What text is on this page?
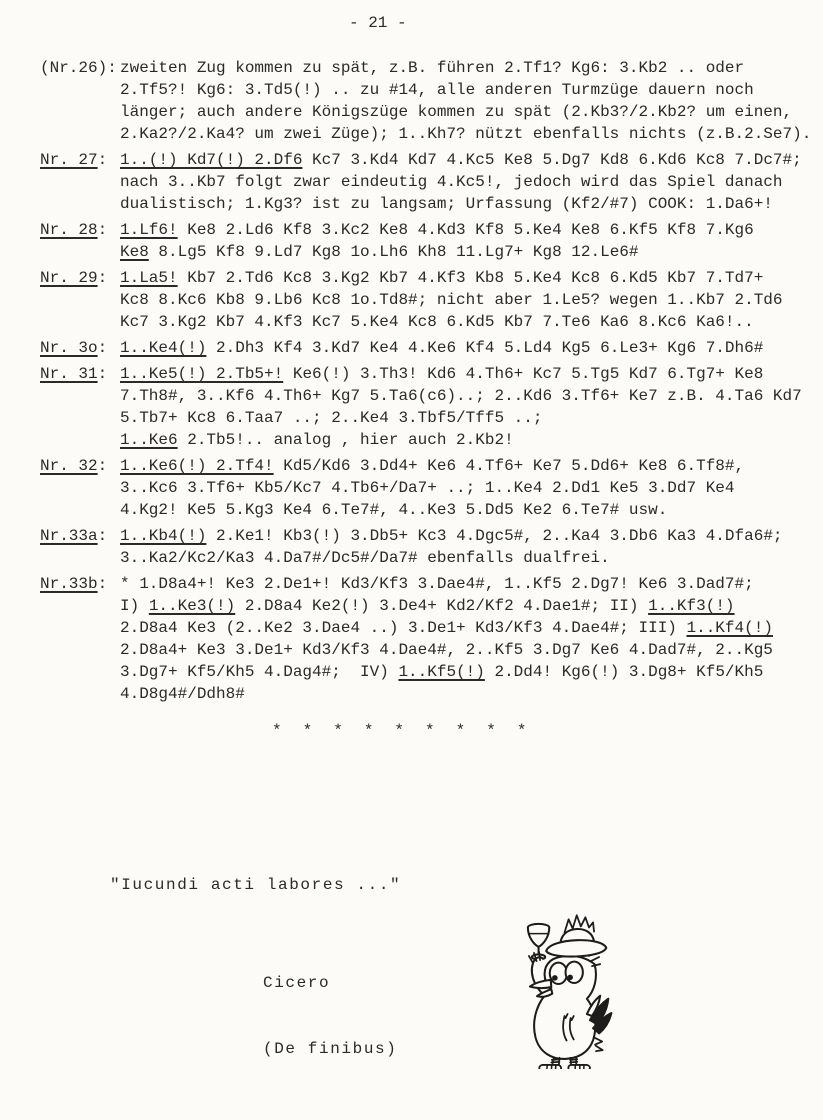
- 21 -
(Nr.26): zweiten Zug kommen zu spät, z.B. führen 2.Tf1? Kg6: 3.Kb2 .. oder
2.Tf5?! Kg6: 3.Td5(!) .. zu #14, alle anderen Turmzüge dauern noch
länger; auch andere Königszüge kommen zu spät (2.Kb3?/2.Kb2? um einen,
2.Ka2?/2.Ka4? um zwei Züge); 1..Kh7? nützt ebenfalls nichts (z.B.2.Se7).
Nr. 27: 1..(!) Kd7(!) 2.Df6 Kc7 3.Kd4 Kd7 4.Kc5 Ke8 5.Dg7 Kd8 6.Kd6 Kc8 7.Dc7#;
nach 3..Kb7 folgt zwar eindeutig 4.Kc5!, jedoch wird das Spiel danach
dualistisch; 1.Kg3? ist zu langsam; Urfassung (Kf2/#7) COOK: 1.Da6+!
Nr. 28: 1.Lf6! Ke8 2.Ld6 Kf8 3.Kc2 Ke8 4.Kd3 Kf8 5.Ke4 Ke8 6.Kf5 Kf8 7.Kg6
Ke8 8.Lg5 Kf8 9.Ld7 Kg8 1o.Lh6 Kh8 11.Lg7+ Kg8 12.Le6#
Nr. 29: 1.La5! Kb7 2.Td6 Kc8 3.Kg2 Kb7 4.Kf3 Kb8 5.Ke4 Kc8 6.Kd5 Kb7 7.Td7+
Kc8 8.Kc6 Kb8 9.Lb6 Kc8 1o.Td8#; nicht aber 1.Le5? wegen 1..Kb7 2.Td6
Kc7 3.Kg2 Kb7 4.Kf3 Kc7 5.Ke4 Kc8 6.Kd5 Kb7 7.Te6 Ka6 8.Kc6 Ka6!..
Nr. 3o: 1..Ke4(!) 2.Dh3 Kf4 3.Kd7 Ke4 4.Ke6 Kf4 5.Ld4 Kg5 6.Le3+ Kg6 7.Dh6#
Nr. 31: 1..Ke5(!) 2.Tb5+! Ke6(!) 3.Th3! Kd6 4.Th6+ Kc7 5.Tg5 Kd7 6.Tg7+ Ke8
7.Th8#, 3..Kf6 4.Th6+ Kg7 5.Ta6(c6)..; 2..Kd6 3.Tf6+ Ke7 z.B. 4.Ta6 Kd7
5.Tb7+ Kc8 6.Taa7 ..; 2..Ke4 3.Tbf5/Tff5 ..;
1..Ke6 2.Tb5!.. analog , hier auch 2.Kb2!
Nr. 32: 1..Ke6(!) 2.Tf4! Kd5/Kd6 3.Dd4+ Ke6 4.Tf6+ Ke7 5.Dd6+ Ke8 6.Tf8#,
3..Kc6 3.Tf6+ Kb5/Kc7 4.Tb6+/Da7+ ..; 1..Ke4 2.Dd1 Ke5 3.Dd7 Ke4
4.Kg2! Ke5 5.Kg3 Ke4 6.Te7#, 4..Ke3 5.Dd5 Ke2 6.Te7# usw.
Nr.33a: 1..Kb4(!) 2.Ke1! Kb3(!) 3.Db5+ Kc3 4.Dgc5#, 2..Ka4 3.Db6 Ka3 4.Dfa6#;
3..Ka2/Kc2/Ka3 4.Da7#/Dc5#/Da7# ebenfalls dualfrei.
Nr.33b: * 1.D8a4+! Ke3 2.De1+! Kd3/Kf3 3.Dae4#, 1..Kf5 2.Dg7! Ke6 3.Dad7#;
I) 1..Ke3(!) 2.D8a4 Ke2(!) 3.De4+ Kd2/Kf2 4.Dae1#; II) 1..Kf3(!)
2.D8a4 Ke3 (2..Ke2 3.Dae4 ..) 3.De1+ Kd3/Kf3 4.Dae4#; III) 1..Kf4(!)
2.D8a4+ Ke3 3.De1+ Kd3/Kf3 4.Dae4#, 2..Kf5 3.Dg7 Ke6 4.Dad7#, 2..Kg5
3.Dg7+ Kf5/Kh5 4.Dag4#;  IV) 1..Kf5(!) 2.Dd4! Kg6(!) 3.Dg8+ Kf5/Kh5
4.D8g4#/Ddh8#
*  *  *  *  *  *  *  *  *
"Iucundi acti labores ..."

Cicero

(De finibus)
